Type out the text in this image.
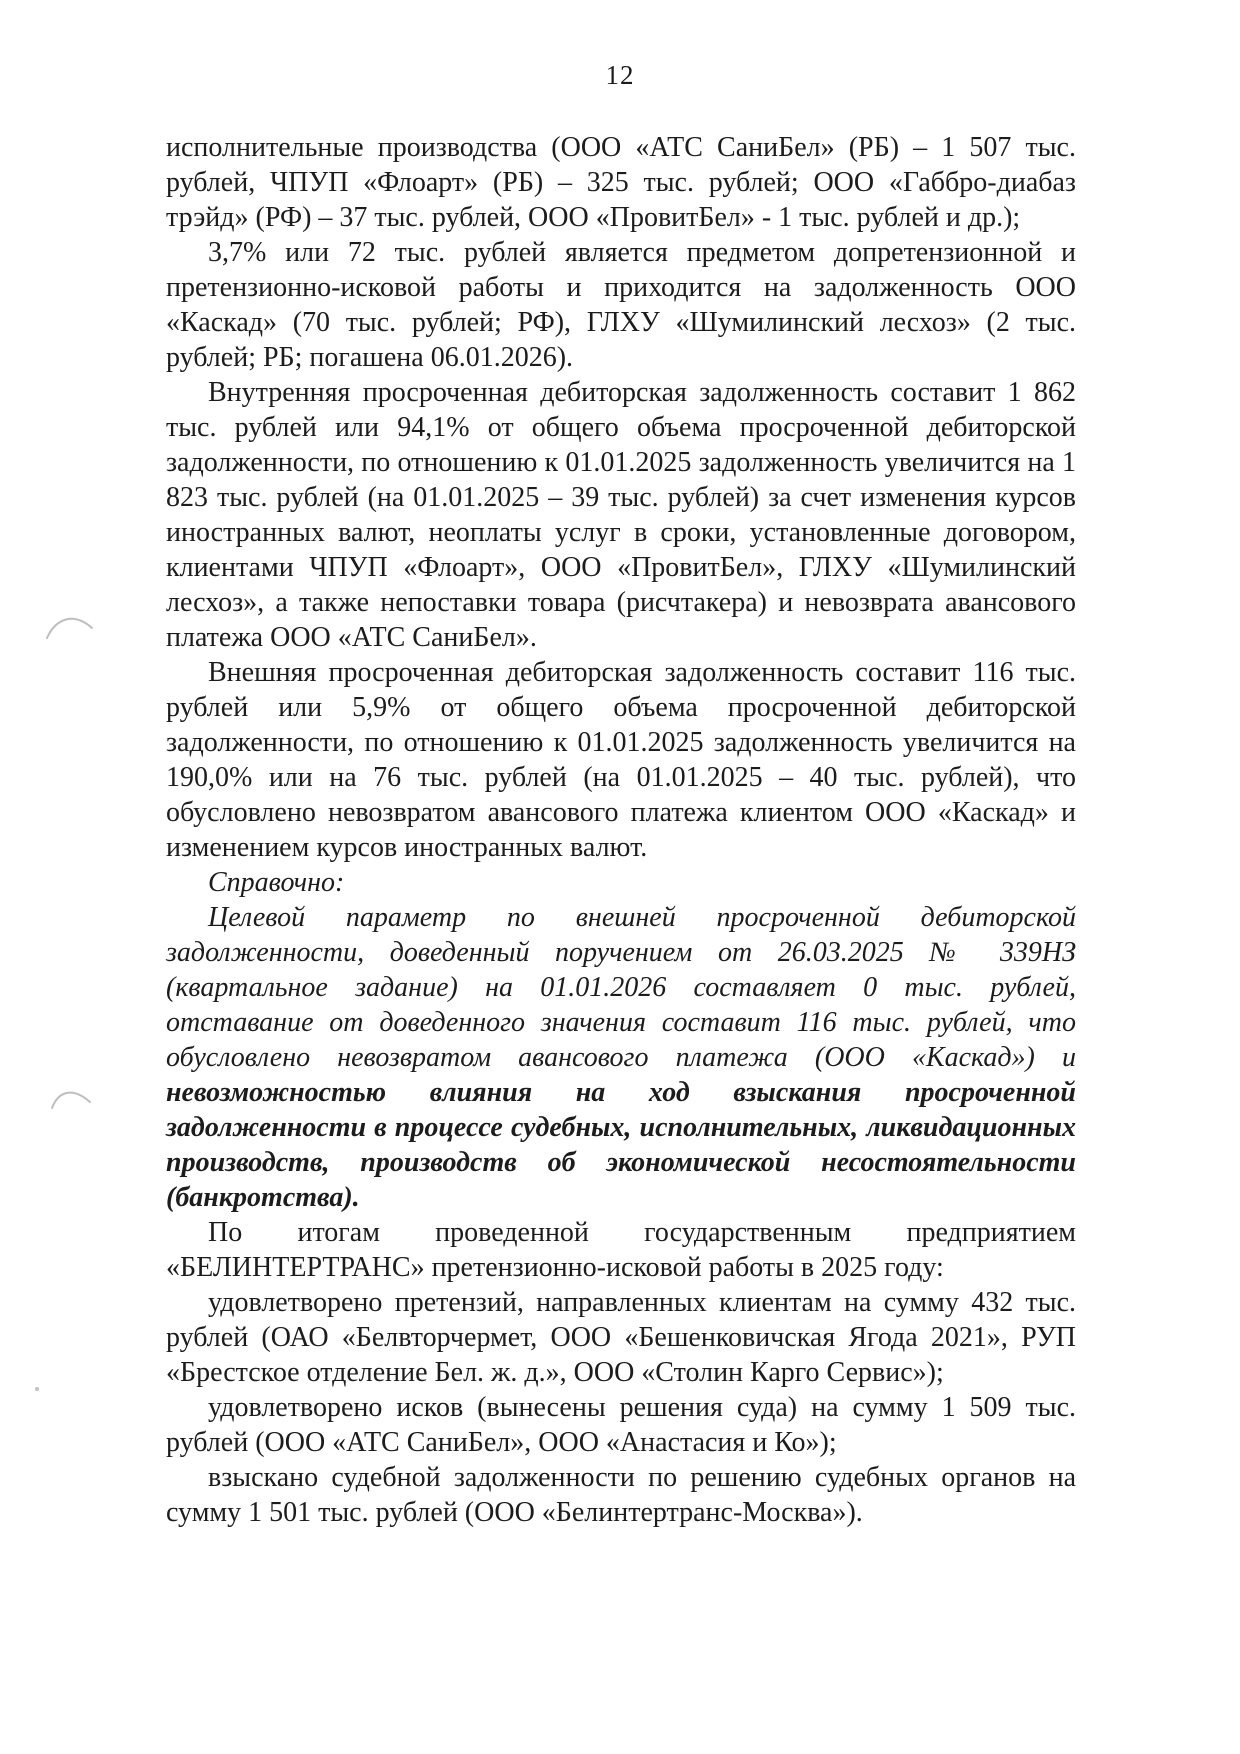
12

исполнительные производства (ООО «АТС СаниБел» (РБ) – 1 507 тыс. рублей, ЧПУП «Флоарт» (РБ) – 325 тыс. рублей; ООО «Габбро-диабаз трэйд» (РФ) – 37 тыс. рублей, ООО «ПровитБел» - 1 тыс. рублей и др.);

3,7% или 72 тыс. рублей является предметом допретензионной и претензионно-исковой работы и приходится на задолженность ООО «Каскад» (70 тыс. рублей; РФ), ГЛХУ «Шумилинский лесхоз» (2 тыс. рублей; РБ; погашена 06.01.2026).

Внутренняя просроченная дебиторская задолженность составит 1 862 тыс. рублей или 94,1% от общего объема просроченной дебиторской задолженности, по отношению к 01.01.2025 задолженность увеличится на 1 823 тыс. рублей (на 01.01.2025 – 39 тыс. рублей) за счет изменения курсов иностранных валют, неоплаты услуг в сроки, установленные договором, клиентами ЧПУП «Флоарт», ООО «ПровитБел», ГЛХУ «Шумилинский лесхоз», а также непоставки товара (рисчтакера) и невозврата авансового платежа ООО «АТС СаниБел».

Внешняя просроченная дебиторская задолженность составит 116 тыс. рублей или 5,9% от общего объема просроченной дебиторской задолженности, по отношению к 01.01.2025 задолженность увеличится на 190,0% или на 76 тыс. рублей (на 01.01.2025 – 40 тыс. рублей), что обусловлено невозвратом авансового платежа клиентом ООО «Каскад» и изменением курсов иностранных валют.

Справочно:

Целевой параметр по внешней просроченной дебиторской задолженности, доведенный поручением от 26.03.2025 № 339НЗ (квартальное задание) на 01.01.2026 составляет 0 тыс. рублей, отставание от доведенного значения составит 116 тыс. рублей, что обусловлено невозвратом авансового платежа (ООО «Каскад») и невозможностью влияния на ход взыскания просроченной задолженности в процессе судебных, исполнительных, ликвидационных производств, производств об экономической несостоятельности (банкротства).

По итогам проведенной государственным предприятием «БЕЛИНТЕРТРАНС» претензионно-исковой работы в 2025 году:

удовлетворено претензий, направленных клиентам на сумму 432 тыс. рублей (ОАО «Белвторчермет, ООО «Бешенковичская Ягода 2021», РУП «Брестское отделение Бел. ж. д.», ООО «Столин Карго Сервис»);

удовлетворено исков (вынесены решения суда) на сумму 1 509 тыс. рублей (ООО «АТС СаниБел», ООО «Анастасия и Ко»);

взыскано судебной задолженности по решению судебных органов на сумму 1 501 тыс. рублей (ООО «Белинтертранс-Москва»).
